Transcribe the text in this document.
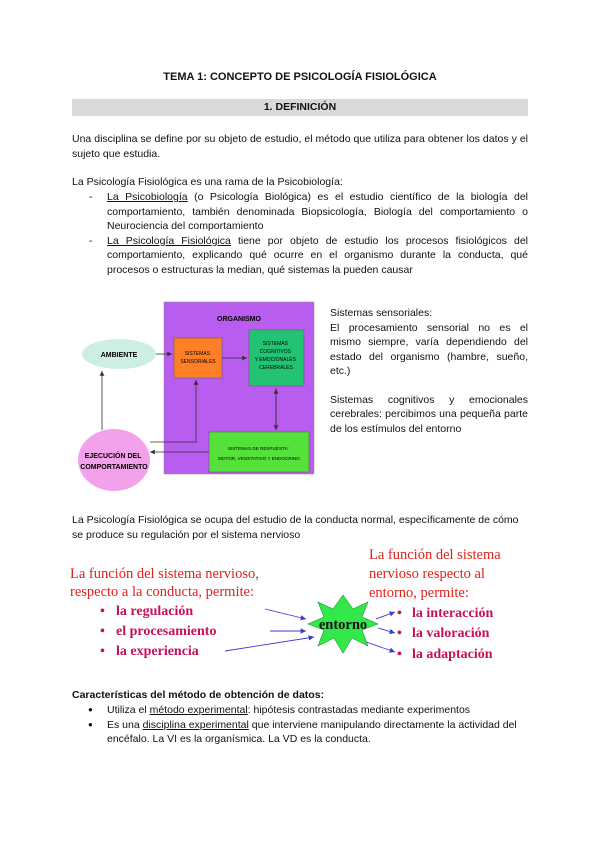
TEMA 1: CONCEPTO DE PSICOLOGÍA FISIOLÓGICA
1. DEFINICIÓN
Una disciplina se define por su objeto de estudio, el método que utiliza para obtener los datos y el sujeto que estudia.
La Psicología Fisiológica es una rama de la Psicobiología:
- La Psicobiología (o Psicología Biológica) es el estudio científico de la biología del comportamiento, también denominada Biopsicología, Biología del comportamiento o Neurociencia del comportamiento
- La Psicología Fisiológica tiene por objeto de estudio los procesos fisiológicos del comportamiento, explicando qué ocurre en el organismo durante la conducta, qué procesos o estructuras la median, qué sistemas la pueden causar
ORGANISMO
AMBIENTE	SISTEMAS SENSORIALES
SISTEMAS COGNITIVOS Y EMOCIONALES CEREBRALES
SISTEMAS DE RESPUESTA: MOTOR, VEGETATIVO Y ENDOCRINO
EJECUCIÓN DEL COMPORTAMIENTO
Sistemas sensoriales:
El procesamiento sensorial no es el mismo siempre, varía dependiendo del estado del organismo (hambre, sueño, etc.)
Sistemas cognitivos y emocionales cerebrales: percibimos una pequeña parte de los estímulos del entorno
La Psicología Fisiológica se ocupa del estudio de la conducta normal, específicamente de cómo se produce su regulación por el sistema nervioso
La función del sistema nervioso, respecto a la conducta, permite:
• la regulación • el procesamiento • la experiencia
entorno
La función del sistema nervioso respecto al entorno, permite:
• la interacción • la valoración • la adaptación
Características del método de obtención de datos:
● Utiliza el método experimental: hipótesis contrastadas mediante experimentos
● Es una disciplina experimental que interviene manipulando directamente la actividad del encéfalo. La VI es la organísmica. La VD es la conducta.
